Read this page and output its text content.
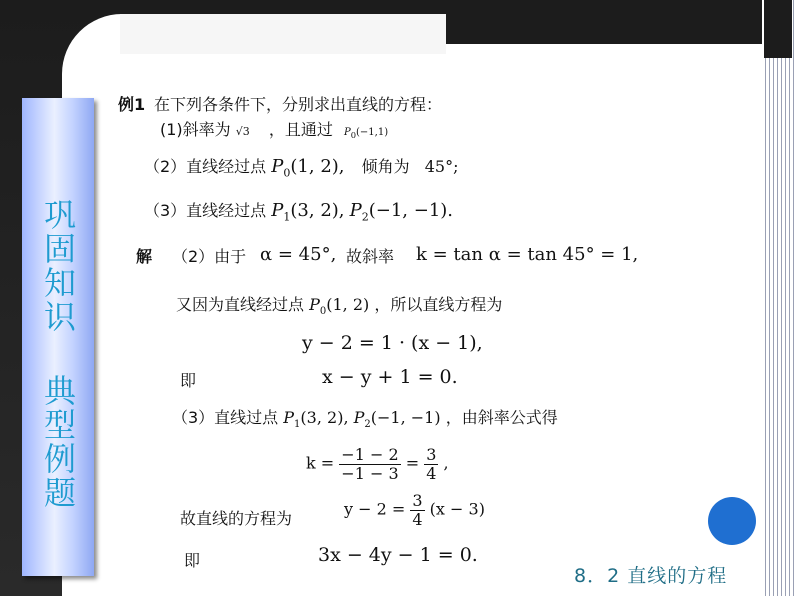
巩固知识 典型例题
例1 在下列各条件下，分别求出直线的方程：
(1)斜率为 √3 ，且通过 $P_0(-1,1)$
（2）直线经过点 $P_0(1$, 2), 倾角为 45°;
（3）直线经过点 $P_1(3$, 2), $P_2(-1$, −1).
解 （2）由于 α = 45°, 故斜率 k = tan α = tan 45° = 1,
又因为直线经过点 $P_0(1$, 2) ，所以直线方程为
y − 2 = 1 · (x − 1),
即	x − y + 1 = 0.
（3）直线过点 $P_1(3$, 2), $P_2(-1$, −1) ，由斜率公式得
$k = \frac{-1 - 2}{-1 - 3} = \frac{3}{4}$ ,
故直线的方程为	$y - 2 = \frac{3}{4} (x - 3)$
即	3x − 4y − 1 = 0.
8．2 直线的方程
